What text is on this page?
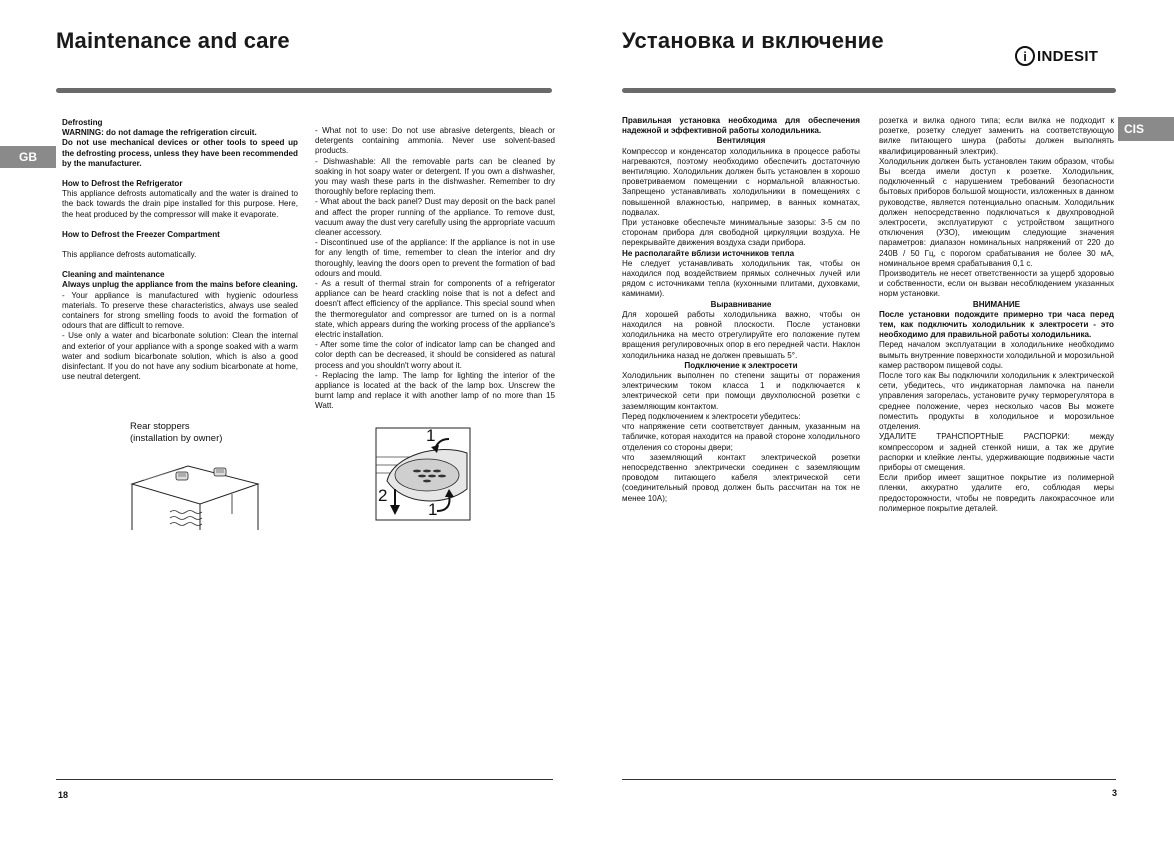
Maintenance and care
GB

Defrosting

WARNING: do not damage the refrigeration circuit.

Do not use mechanical devices or other tools to speed up the defrosting process, unless they have been recommended by the manufacturer.

How to Defrost the Refrigerator

This appliance defrosts automatically and the water is drained to the back towards the drain pipe installed for this purpose. Here, the heat produced by the compressor will make it evaporate.

How to Defrost the Freezer Compartment

This appliance defrosts automatically.

Cleaning and maintenance

Always unplug the appliance from the mains before cleaning.

- Your appliance is manufactured with hygienic odourless materials. To preserve these characteristics, always use sealed containers for strong smelling foods to avoid the formation of odours that are difficult to remove.

- Use only a water and bicarbonate solution: Clean the internal and exterior of your appliance with a sponge soaked with a warm water and sodium bicarbonate solution, which is also a good disinfectant. If you do not have any sodium bicarbonate at home, use neutral detergent.

- What not to use: Do not use abrasive detergents, bleach or detergents containing ammonia. Never use solvent-based products.

- Dishwashable: All the removable parts can be cleaned by soaking in hot soapy water or detergent. If you own a dishwasher, you may wash these parts in the dishwasher. Remember to dry thoroughly before replacing them.

- What about the back panel? Dust may deposit on the back panel and affect the proper running of the appliance. To remove dust, vacuum away the dust very carefully using the appropriate vacuum cleaner accessory.

- Discontinued use of the appliance: If the appliance is not in use for any length of time, remember to clean the interior and dry thoroughly, leaving the doors open to prevent the formation of bad odours and mould.

- As a result of thermal strain for components of a refrigerator appliance can be heard crackling noise that is not a defect and doesn't affect efficiency of the appliance. This special sound when the thermoregulator and compressor are turned on is a normal state, which appears during the working process of the appliance's electric installation.

- After some time the color of indicator lamp can be changed and color depth can be decreased, it should be considered as natural process and you shouldn't worry about it.

- Replacing the lamp. The lamp for lighting the interior of the appliance is located at the back of the lamp box. Unscrew the burnt lamp and replace it with another lamp of no more than 15 Watt.

Rear stoppers
(installation by owner)	1
2
1
18
Установка и включение
i INDESIT
CIS

Правильная установка необходима для обеспечения надежной и эффективной работы холодильника.

Вентиляция

Компрессор и конденсатор холодильника в процессе работы нагреваются, поэтому необходимо обеспечить достаточную вентиляцию. Холодильник должен быть установлен в хорошо проветриваемом помещении с нормальной влажностью. Запрещено устанавливать холодильники в помещениях с повышенной влажностью, например, в ванных комнатах, подвалах.

При установке обеспечьте минимальные зазоры: 3-5 см по сторонам прибора для свободной циркуляции воздуха. Не перекрывайте движения воздуха сзади прибора.

Не располагайте вблизи источников тепла

Не следует устанавливать холодильник так, чтобы он находился под воздействием прямых солнечных лучей или рядом с источниками тепла (кухонными плитами, духовками, каминами).

Выравнивание

Для хорошей работы холодильника важно, чтобы он находился на ровной плоскости. После установки холодильника на место отрегулируйте его положение путем вращения регулировочных опор в его передней части. Наклон холодильника назад не должен превышать 5°.

Подключение к электросети

Холодильник выполнен по степени защиты от поражения электрическим током класса 1 и подключается к электрической сети при помощи двухполюсной розетки с заземляющим контактом.

Перед подключением к электросети убедитесь:

что напряжение сети соответствует данным, указанным на табличке, которая находится на правой стороне холодильного отделения со стороны двери;

что заземляющий контакт электрической розетки непосредственно электрически соединен с заземляющим проводом питающего кабеля электрической сети (соединительный провод должен быть рассчитан на ток не менее 10А);

розетка и вилка одного типа; если вилка не подходит к розетке, розетку следует заменить на соответствующую вилке питающего шнура (работы должен выполнять квалифицированный электрик).

Холодильник должен быть установлен таким образом, чтобы Вы всегда имели доступ к розетке. Холодильник, подключенный с нарушением требований безопасности бытовых приборов большой мощности, изложенных в данном руководстве, является потенциально опасным. Холодильник должен непосредственно подключаться к двухпроводной электросети, эксплуатируют с устройством защитного отключения (УЗО), имеющим следующие значения параметров: диапазон номинальных напряжений от 220 до 240В / 50 Гц, с порогом срабатывания не более 30 мА, номинальное время срабатывания 0,1 с.

Производитель не несет ответственности за ущерб здоровью и собственности, если он вызван несоблюдением указанных норм установки.

ВНИМАНИЕ

После установки подождите примерно три часа перед тем, как подключить холодильник к электросети - это необходимо для правильной работы холодильника.

Перед началом эксплуатации в холодильнике необходимо вымыть внутренние поверхности холодильной и морозильной камер раствором пищевой соды.

После того как Вы подключили холодильник к электрической сети, убедитесь, что индикаторная лампочка на панели управления загорелась, установите ручку терморегулятора в среднее положение, через несколько часов Вы можете поместить продукты в холодильное и морозильное отделения.

УДАЛИТЕ ТРАНСПОРТНЫЕ РАСПОРКИ: между компрессором и задней стенкой ниши, а так же другие распорки и клейкие ленты, удерживающие подвижные части приборы от смещения.

Если прибор имеет защитное покрытие из полимерной пленки, аккуратно удалите его, соблюдая меры предосторожности, чтобы не повредить лакокрасочное или полимерное покрытие деталей.

3
